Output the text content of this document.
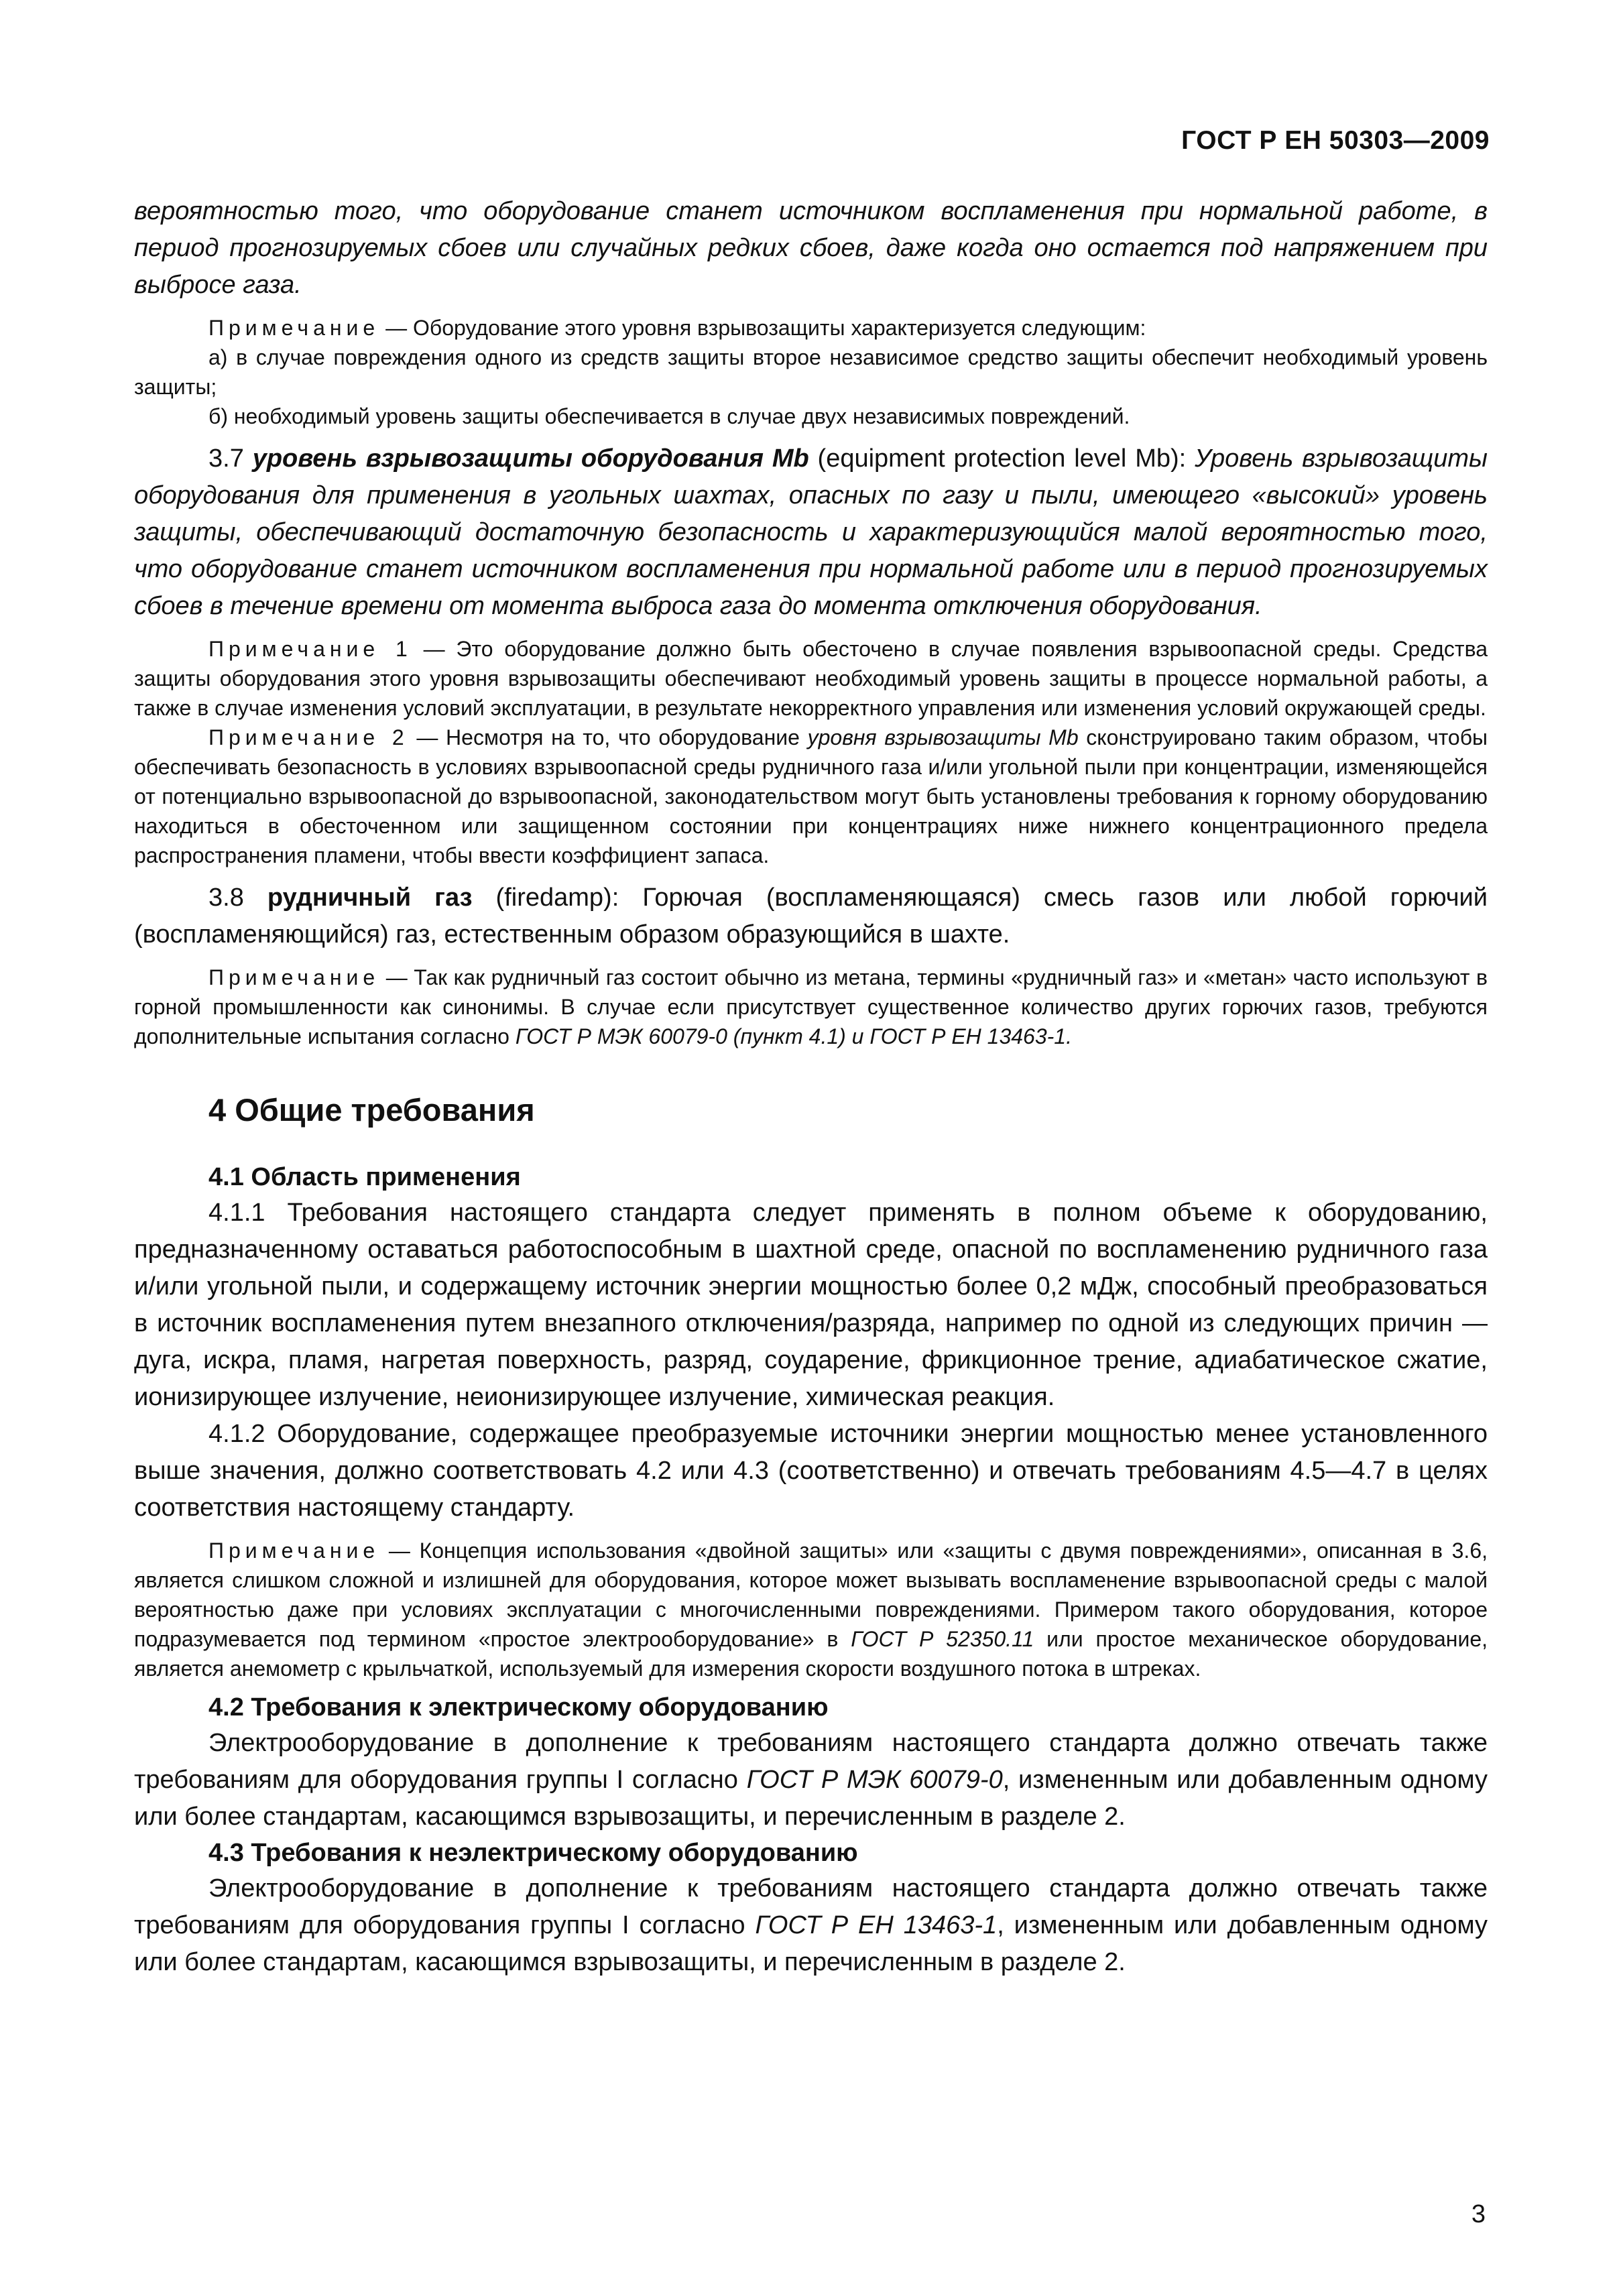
ГОСТ Р ЕН 50303—2009

вероятностью того, что оборудование станет источником воспламенения при нормальной работе, в период прогнозируемых сбоев или случайных редких сбоев, даже когда оно остается под напряжением при выбросе газа.

Примечание — Оборудование этого уровня взрывозащиты характеризуется следующим:

а) в случае повреждения одного из средств защиты второе независимое средство защиты обеспечит необходимый уровень защиты;

б) необходимый уровень защиты обеспечивается в случае двух независимых повреждений.

3.7 уровень взрывозащиты оборудования Mb (equipment protection level Mb): Уровень взрывозащиты оборудования для применения в угольных шахтах, опасных по газу и пыли, имеющего «высокий» уровень защиты, обеспечивающий достаточную безопасность и характеризующийся малой вероятностью того, что оборудование станет источником воспламенения при нормальной работе или в период прогнозируемых сбоев в течение времени от момента выброса газа до момента отключения оборудования.

Примечание 1 — Это оборудование должно быть обесточено в случае появления взрывоопасной среды. Средства защиты оборудования этого уровня взрывозащиты обеспечивают необходимый уровень защиты в процессе нормальной работы, а также в случае изменения условий эксплуатации, в результате некорректного управления или изменения условий окружающей среды.

Примечание 2 — Несмотря на то, что оборудование уровня взрывозащиты Mb сконструировано таким образом, чтобы обеспечивать безопасность в условиях взрывоопасной среды рудничного газа и/или угольной пыли при концентрации, изменяющейся от потенциально взрывоопасной до взрывоопасной, законодательством могут быть установлены требования к горному оборудованию находиться в обесточенном или защищенном состоянии при концентрациях ниже нижнего концентрационного предела распространения пламени, чтобы ввести коэффициент запаса.

3.8 рудничный газ (firedamp): Горючая (воспламеняющаяся) смесь газов или любой горючий (воспламеняющийся) газ, естественным образом образующийся в шахте.

Примечание — Так как рудничный газ состоит обычно из метана, термины «рудничный газ» и «метан» часто используют в горной промышленности как синонимы. В случае если присутствует существенное количество других горючих газов, требуются дополнительные испытания согласно ГОСТ Р МЭК 60079-0 (пункт 4.1) и ГОСТ Р ЕН 13463-1.

4 Общие требования
4.1 Область применения

4.1.1 Требования настоящего стандарта следует применять в полном объеме к оборудованию, предназначенному оставаться работоспособным в шахтной среде, опасной по воспламенению рудничного газа и/или угольной пыли, и содержащему источник энергии мощностью более 0,2 мДж, способный преобразоваться в источник воспламенения путем внезапного отключения/разряда, например по одной из следующих причин — дуга, искра, пламя, нагретая поверхность, разряд, соударение, фрикционное трение, адиабатическое сжатие, ионизирующее излучение, неионизирующее излучение, химическая реакция.

4.1.2 Оборудование, содержащее преобразуемые источники энергии мощностью менее установленного выше значения, должно соответствовать 4.2 или 4.3 (соответственно) и отвечать требованиям 4.5—4.7 в целях соответствия настоящему стандарту.

Примечание — Концепция использования «двойной защиты» или «защиты с двумя повреждениями», описанная в 3.6, является слишком сложной и излишней для оборудования, которое может вызывать воспламенение взрывоопасной среды с малой вероятностью даже при условиях эксплуатации с многочисленными повреждениями. Примером такого оборудования, которое подразумевается под термином «простое электрооборудование» в ГОСТ Р 52350.11 или простое механическое оборудование, является анемометр с крыльчаткой, используемый для измерения скорости воздушного потока в штреках.

4.2 Требования к электрическому оборудованию

Электрооборудование в дополнение к требованиям настоящего стандарта должно отвечать также требованиям для оборудования группы I согласно ГОСТ Р МЭК 60079-0, измененным или добавленным одному или более стандартам, касающимся взрывозащиты, и перечисленным в разделе 2.

4.3 Требования к неэлектрическому оборудованию

Электрооборудование в дополнение к требованиям настоящего стандарта должно отвечать также требованиям для оборудования группы I согласно ГОСТ Р ЕН 13463-1, измененным или добавленным одному или более стандартам, касающимся взрывозащиты, и перечисленным в разделе 2.

3
